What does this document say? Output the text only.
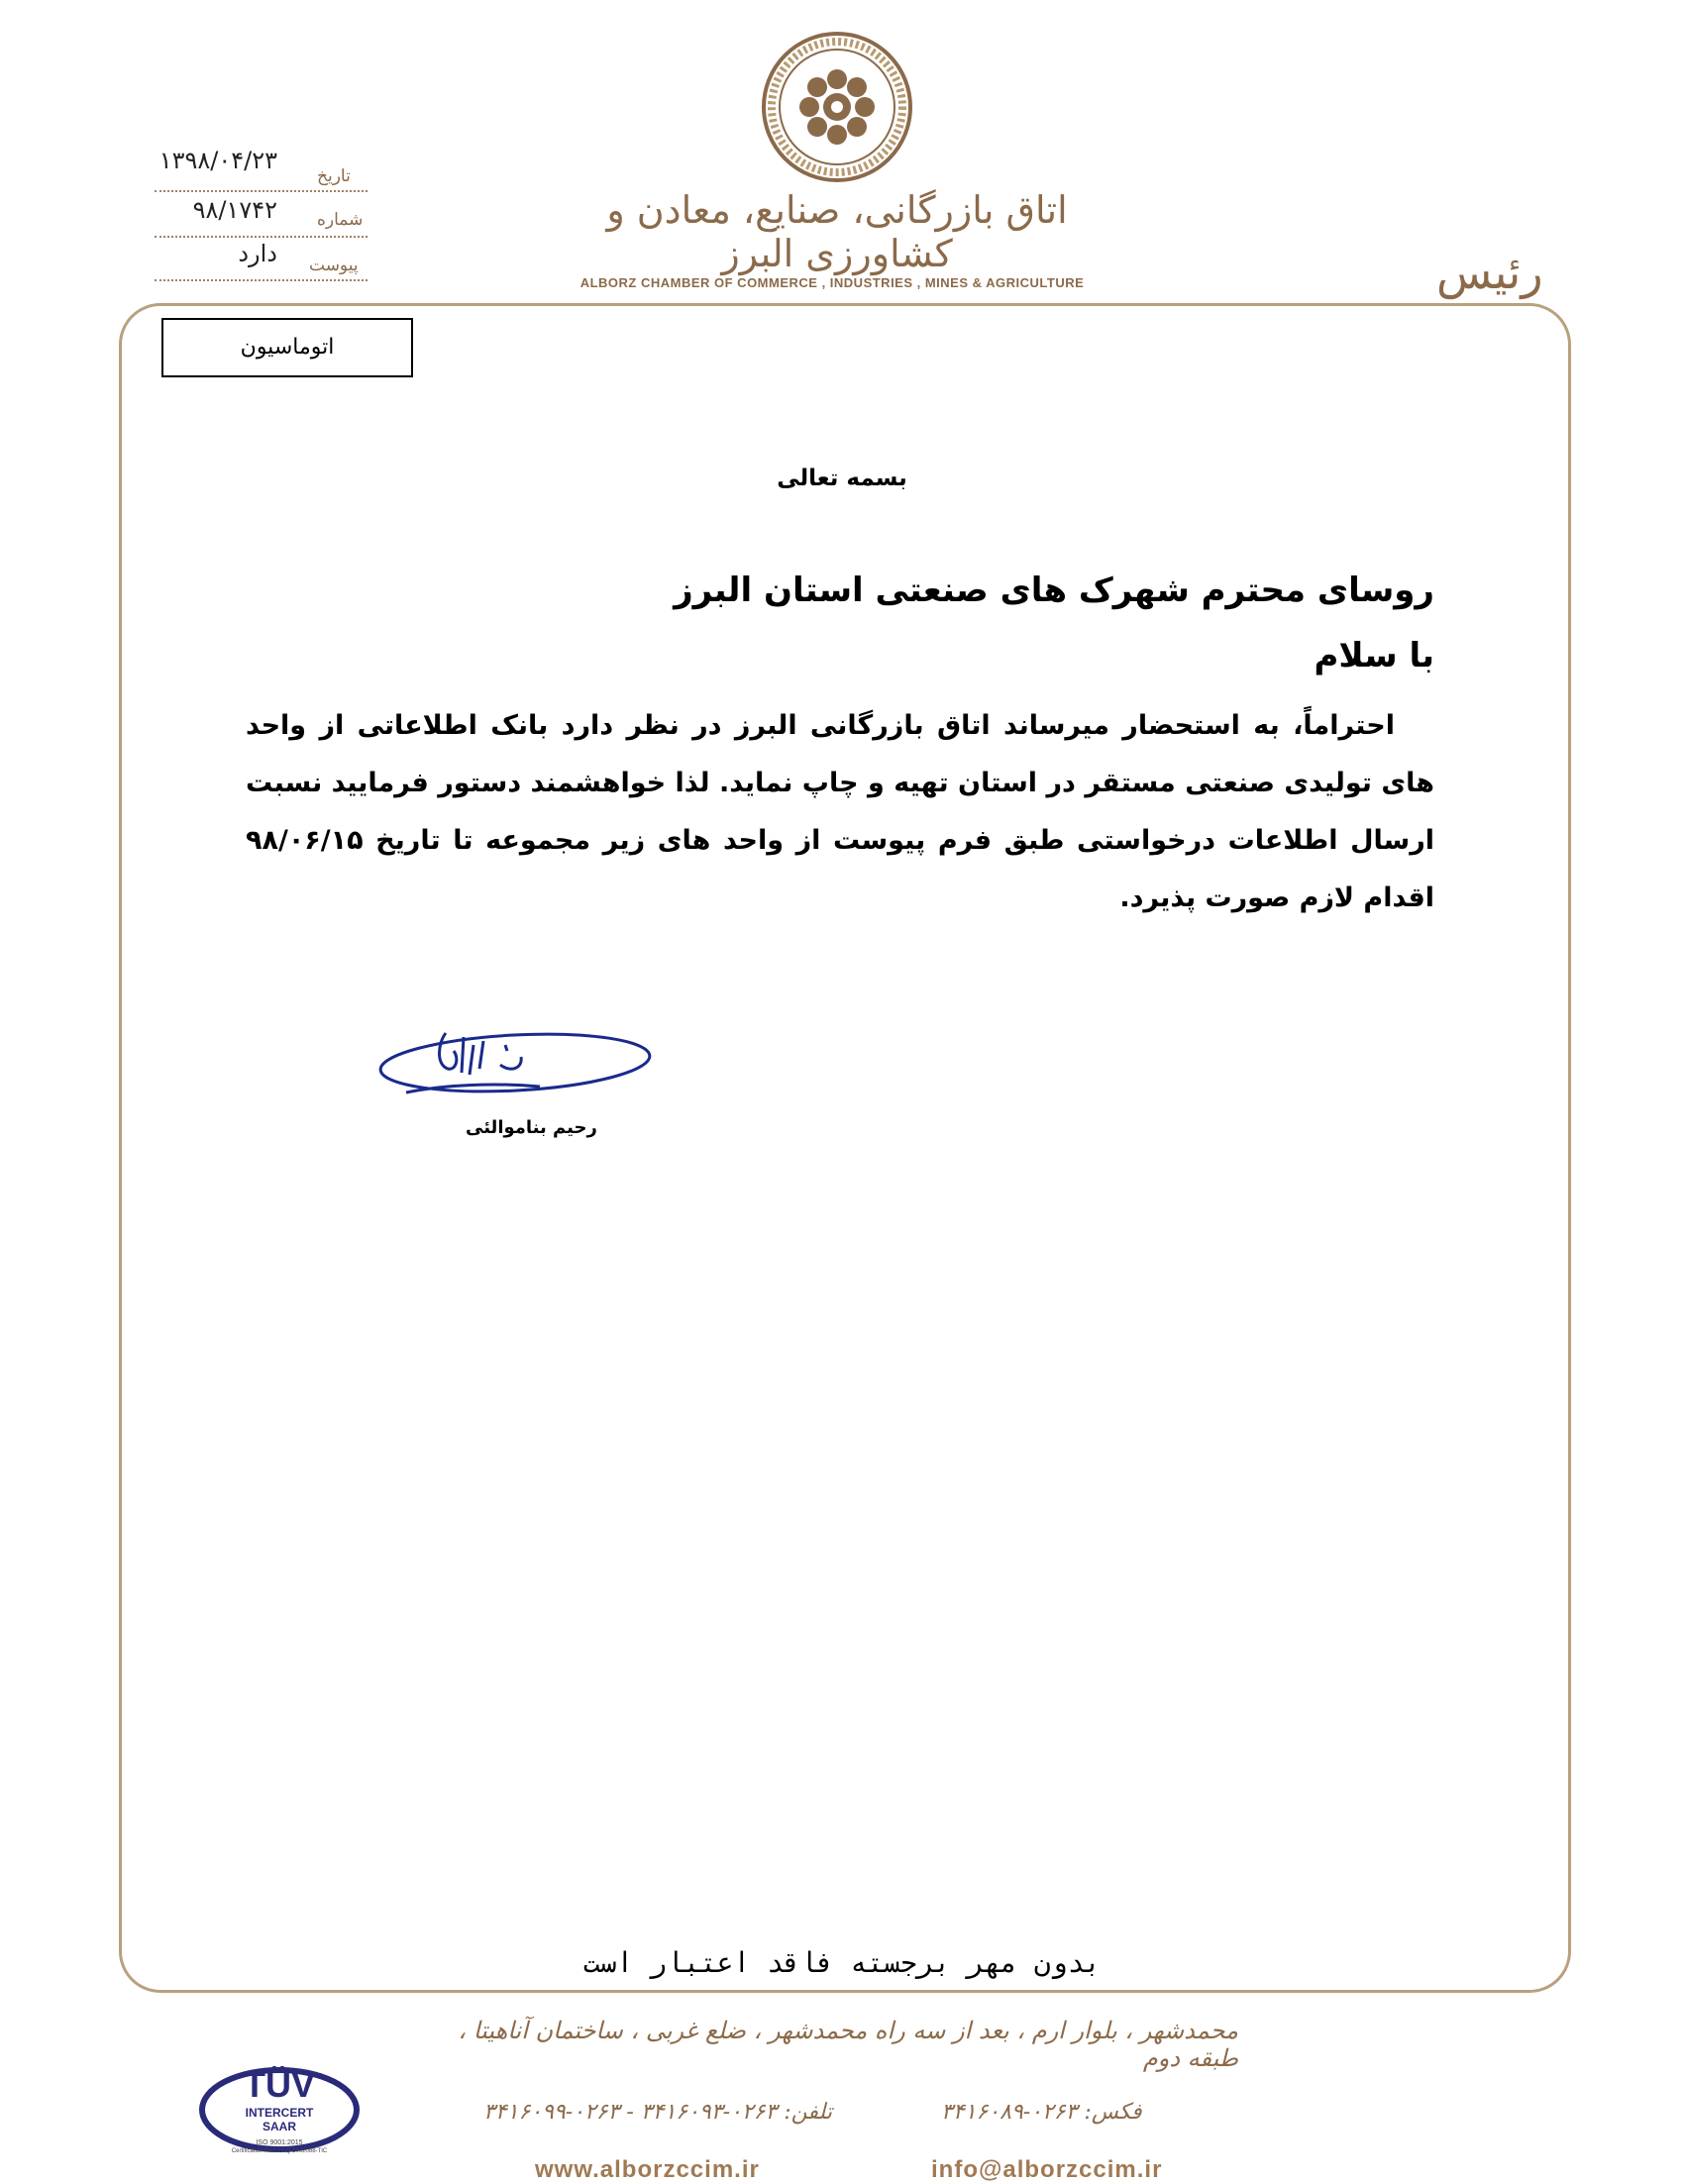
اتاق بازرگانی، صنایع، معادن و کشاورزی البرز
ALBORZ CHAMBER OF COMMERCE , INDUSTRIES , MINES & AGRICULTURE	رئیس
۱۳۹۸/۰۴/۲۳
تاریخ
۹۸/۱۷۴۲ شماره
دارد پیوست
اتوماسیون
بسمه تعالی
روسای محترم شهرک های صنعتی استان البرز
با سلام

احتراماً، به استحضار میرساند اتاق بازرگانی البرز در نظر دارد بانک اطلاعاتی از واحد های تولیدی صنعتی مستقر در استان تهیه و چاپ نماید. لذا خواهشمند دستور فرمایید نسبت ارسال اطلاعات درخواستی طبق فرم پیوست از واحد های زیر مجموعه تا تاریخ ۹۸/۰۶/۱۵ اقدام لازم صورت پذیرد.

رحیم بناموالئی
بدون مهر برجسته فاقد اعتبار است
محمدشهر ، بلوار ارم ، بعد از سه راه محمدشهر ، ضلع غربی ، ساختمان آناهیتا ، طبقه دوم
فکس: ۰۲۶۳-۳۴۱۶۰۸۹
تلفن: ۰۲۶۳-۳۴۱۶۰۹۳ - ۰۲۶۳-۳۴۱۶۰۹۹
www.alborzccim.ir	info@alborzccim.ir
TÜV
INTERCERT
SAAR
ISO 9001:2015
Certification No.: 17-Q-1002088-TIC
